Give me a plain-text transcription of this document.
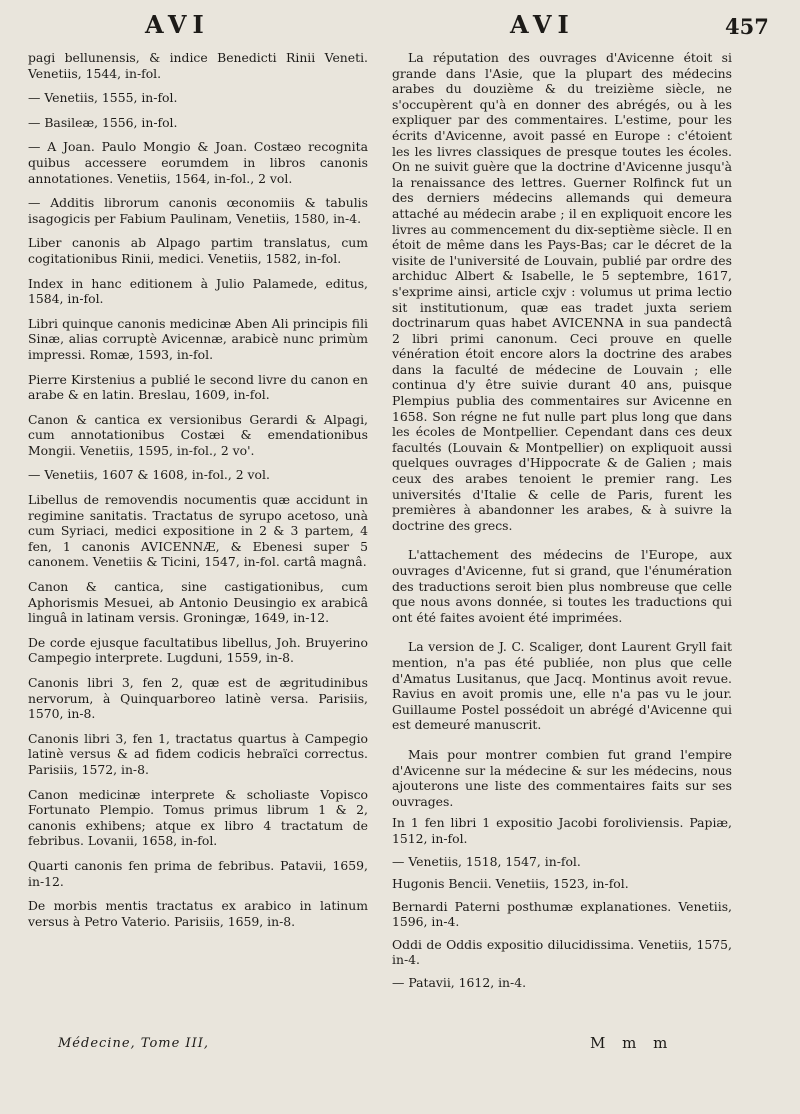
AVI	AVI	457
pagi bellunensis, & indice Benedicti Rinii Veneti. Venetiis, 1544, in-fol.
— Venetiis, 1555, in-fol.
— Basileæ, 1556, in-fol.
— A Joan. Paulo Mongio & Joan. Costæo recognita quibus accessere eorumdem in libros canonis annotationes. Venetiis, 1564, in-fol., 2 vol.
— Additis librorum canonis œconomiis & tabulis isagogicis per Fabium Paulinam, Venetiis, 1580, in-4.
Liber canonis ab Alpago partim translatus, cum cogitationibus Rinii, medici. Venetiis, 1582, in-fol.
Index in hanc editionem à Julio Palamede, editus, 1584, in-fol.
Libri quinque canonis medicinæ Aben Ali principis fili Sinæ, alias corruptè Avicennæ, arabicè nunc primùm impressi. Romæ, 1593, in-fol.
Pierre Kirstenius a publié le second livre du canon en arabe & en latin. Breslau, 1609, in-fol.
Canon & cantica ex versionibus Gerardi & Alpagi, cum annotationibus Costæi & emendationibus Mongii. Venetiis, 1595, in-fol., 2 vo'.
— Venetiis, 1607 & 1608, in-fol., 2 vol.
Libellus de removendis nocumentis quæ accidunt in regimine sanitatis. Tractatus de syrupo acetoso, unà cum Syriaci, medici expositione in 2 & 3 partem, 4 fen, 1 canonis AVICENNÆ, & Ebenesi super 5 canonem. Venetiis & Ticini, 1547, in-fol. cartâ magnâ.
Canon & cantica, sine castigationibus, cum Aphorismis Mesuei, ab Antonio Deusingio ex arabicâ linguâ in latinam versis. Groningæ, 1649, in-12.
De corde ejusque facultatibus libellus, Joh. Bruyerino Campegio interprete. Lugduni, 1559, in-8.
Canonis libri 3, fen 2, quæ est de ægritudinibus nervorum, à Quinquarboreo latinè versa. Parisiis, 1570, in-8.
Canonis libri 3, fen 1, tractatus quartus à Campegio latinè versus & ad fidem codicis hebraïci correctus. Parisiis, 1572, in-8.
Canon medicinæ interprete & scholiaste Vopisco Fortunato Plempio. Tomus primus librum 1 & 2, canonis exhibens; atque ex libro 4 tractatum de febribus. Lovanii, 1658, in-fol.
Quarti canonis fen prima de febribus. Patavii, 1659, in-12.
De morbis mentis tractatus ex arabico in latinum versus à Petro Vaterio. Parisiis, 1659, in-8.

La réputation des ouvrages d'Avicenne étoit si grande dans l'Asie, que la plupart des médecins arabes du douzième & du treizième siècle, ne s'occupèrent qu'à en donner des abrégés, ou à les expliquer par des commentaires. L'estime, pour les écrits d'Avicenne, avoit passé en Europe : c'étoient les les livres classiques de presque toutes les écoles. On ne suivit guère que la doctrine d'Avicenne jusqu'à la renaissance des lettres. Guerner Rolfinck fut un des derniers médecins allemands qui demeura attaché au médecin arabe ; il en expliquoit encore les livres au commencement du dix-septième siècle. Il en étoit de même dans les Pays-Bas; car le décret de la visite de l'université de Louvain, publié par ordre des archiduc Albert & Isabelle, le 5 septembre, 1617, s'exprime ainsi, article cxjv : volumus ut prima lectio sit institutionum, quæ eas tradet juxta seriem doctrinarum quas habet AVICENNA in sua pandectâ 2 libri primi canonum. Ceci prouve en quelle vénération étoit encore alors la doctrine des arabes dans la faculté de médecine de Louvain ; elle continua d'y être suivie durant 40 ans, puisque Plempius publia des commentaires sur Avicenne en 1658. Son régne ne fut nulle part plus long que dans les écoles de Montpellier. Cependant dans ces deux facultés (Louvain & Montpellier) on expliquoit aussi quelques ouvrages d'Hippocrate & de Galien ; mais ceux des arabes tenoient le premier rang. Les universités d'Italie & celle de Paris, furent les premières à abandonner les arabes, & à suivre la doctrine des grecs.

L'attachement des médecins de l'Europe, aux ouvrages d'Avicenne, fut si grand, que l'énumération des traductions seroit bien plus nombreuse que celle que nous avons donnée, si toutes les traductions qui ont été faites avoient été imprimées.

La version de J. C. Scaliger, dont Laurent Gryll fait mention, n'a pas été publiée, non plus que celle d'Amatus Lusitanus, que Jacq. Montinus avoit revue. Ravius en avoit promis une, elle n'a pas vu le jour. Guillaume Postel possédoit un abrégé d'Avicenne qui est demeuré manuscrit.

Mais pour montrer combien fut grand l'empire d'Avicenne sur la médecine & sur les médecins, nous ajouterons une liste des commentaires faits sur ses ouvrages.

In 1 fen libri 1 expositio Jacobi foroliviensis. Papiæ, 1512, in-fol.
— Venetiis, 1518, 1547, in-fol.
Hugonis Bencii. Venetiis, 1523, in-fol.
Bernardi Paterni posthumæ explanationes. Venetiis, 1596, in-4.
Oddi de Oddis expositio dilucidissima. Venetiis, 1575, in-4.
— Patavii, 1612, in-4.
Médecine, Tome III,	M m m
